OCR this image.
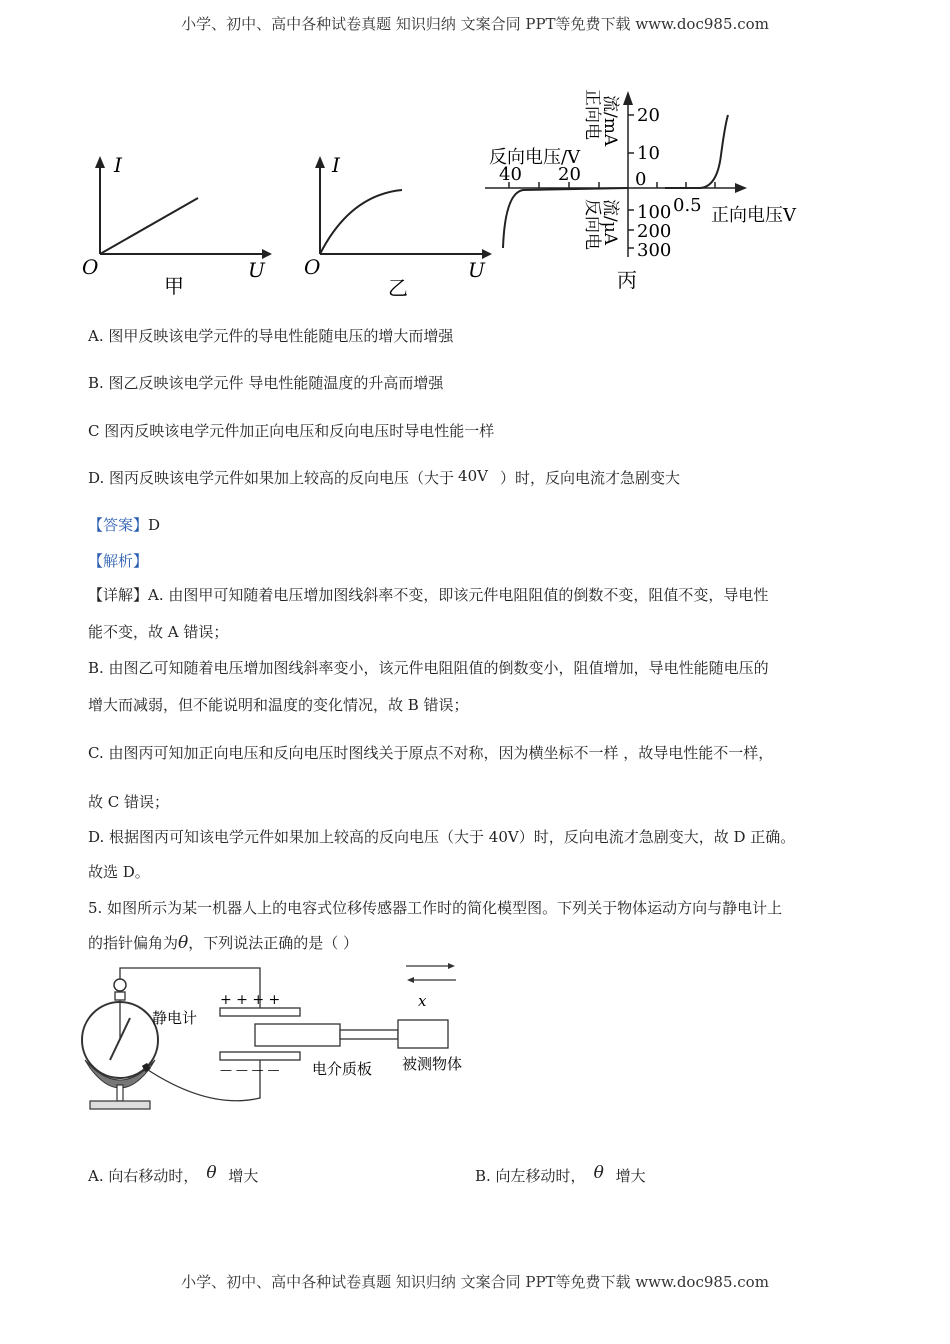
小学、初中、高中各种试卷真题 知识归纳 文案合同 PPT等免费下载 www.doc985.com
I
O	U
甲
I
O	U
乙
20
10
0
100
200
300
40 20
0.5
反向电压/V
正向电压V
正向电
流/mA
反向电
流/μA
丙
A. 图甲反映该电学元件的导电性能随电压的增大而增强
B. 图乙反映该电学元件 导电性能随温度的升高而增强
C 图丙反映该电学元件加正向电压和反向电压时导电性能一样
D. 图丙反映该电学元件如果加上较高的反向电压（大于 40V ）时，反向电流才急剧变大
【答案】D
【解析】
【详解】A. 由图甲可知随着电压增加图线斜率不变，即该元件电阻阻值的倒数不变，阻值不变，导电性
能不变，故 A 错误；
B. 由图乙可知随着电压增加图线斜率变小，该元件电阻阻值的倒数变小，阻值增加，导电性能随电压的
增大而减弱，但不能说明和温度的变化情况，故 B 错误；
C. 由图丙可知加正向电压和反向电压时图线关于原点不对称，因为横坐标不一样 ，故导电性能不一样，
故 C 错误；
D. 根据图丙可知该电学元件如果加上较高的反向电压（大于 40V）时，反向电流才急剧变大，故 D 正确。
故选 D。
5. 如图所示为某一机器人上的电容式位移传感器工作时的简化模型图。下列关于物体运动方向与静电计上
的指针偏角为θ，下列说法正确的是（ ）
+ + + +
— — — —
x
静电计
电介质板 被测物体
A. 向右移动时， θ 增大	B. 向左移动时， θ 增大
小学、初中、高中各种试卷真题 知识归纳 文案合同 PPT等免费下载 www.doc985.com
